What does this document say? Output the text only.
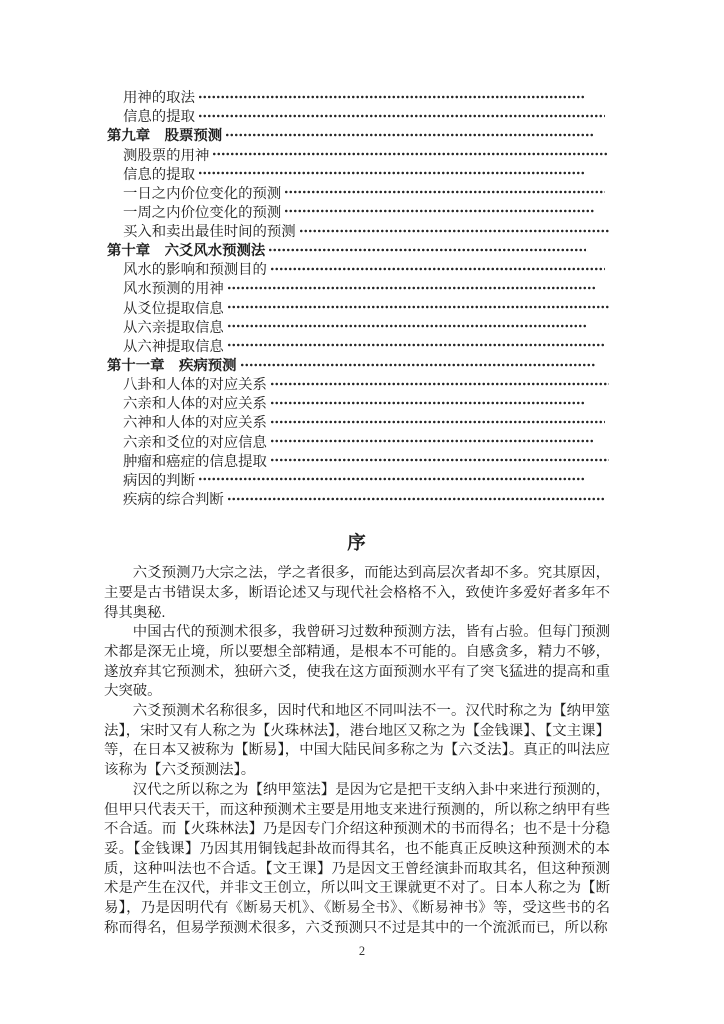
用神的取法
信息的提取
第九章　股票预测
测股票的用神
信息的提取
一日之内价位变化的预测
一周之内价位变化的预测
买入和卖出最佳时间的预测
第十章　六爻风水预测法
风水的影响和预测目的
风水预测的用神
从爻位提取信息
从六亲提取信息
从六神提取信息
第十一章　疾病预测
八卦和人体的对应关系
六亲和人体的对应关系
六神和人体的对应关系
六亲和爻位的对应信息
肿瘤和癌症的信息提取
病因的判断
疾病的综合判断
序

六爻预测乃大宗之法，学之者很多，而能达到高层次者却不多。究其原因，主要是古书错误太多，断语论述又与现代社会格格不入，致使许多爱好者多年不得其奥秘.

中国古代的预测术很多，我曾研习过数种预测方法，皆有占验。但每门预测术都是深无止境，所以要想全部精通，是根本不可能的。自感贪多，精力不够，遂放弃其它预测术，独研六爻，使我在这方面预测水平有了突飞猛进的提高和重大突破。

六爻预测术名称很多，因时代和地区不同叫法不一。汉代时称之为【纳甲筮法】，宋时又有人称之为【火珠林法】，港台地区又称之为【金钱课】、【文主课】等，在日本又被称为【断易】，中国大陆民间多称之为【六爻法】。真正的叫法应该称为【六爻预测法】。

汉代之所以称之为【纳甲筮法】是因为它是把干支纳入卦中来进行预测的，但甲只代表天干，而这种预测术主要是用地支来进行预测的，所以称之纳甲有些不合适。而【火珠林法】乃是因专门介绍这种预测术的书而得名；也不是十分稳妥。【金钱课】乃因其用铜钱起卦故而得其名，也不能真正反映这种预测术的本质，这种叫法也不合适。【文王课】乃是因文王曾经演卦而取其名，但这种预测术是产生在汉代，并非文王创立，所以叫文王课就更不对了。日本人称之为【断易】，乃是因明代有《断易天机》、《断易全书》、《断易神书》等，受这些书的名称而得名，但易学预测术很多，六爻预测只不过是其中的一个流派而已，所以称

2
